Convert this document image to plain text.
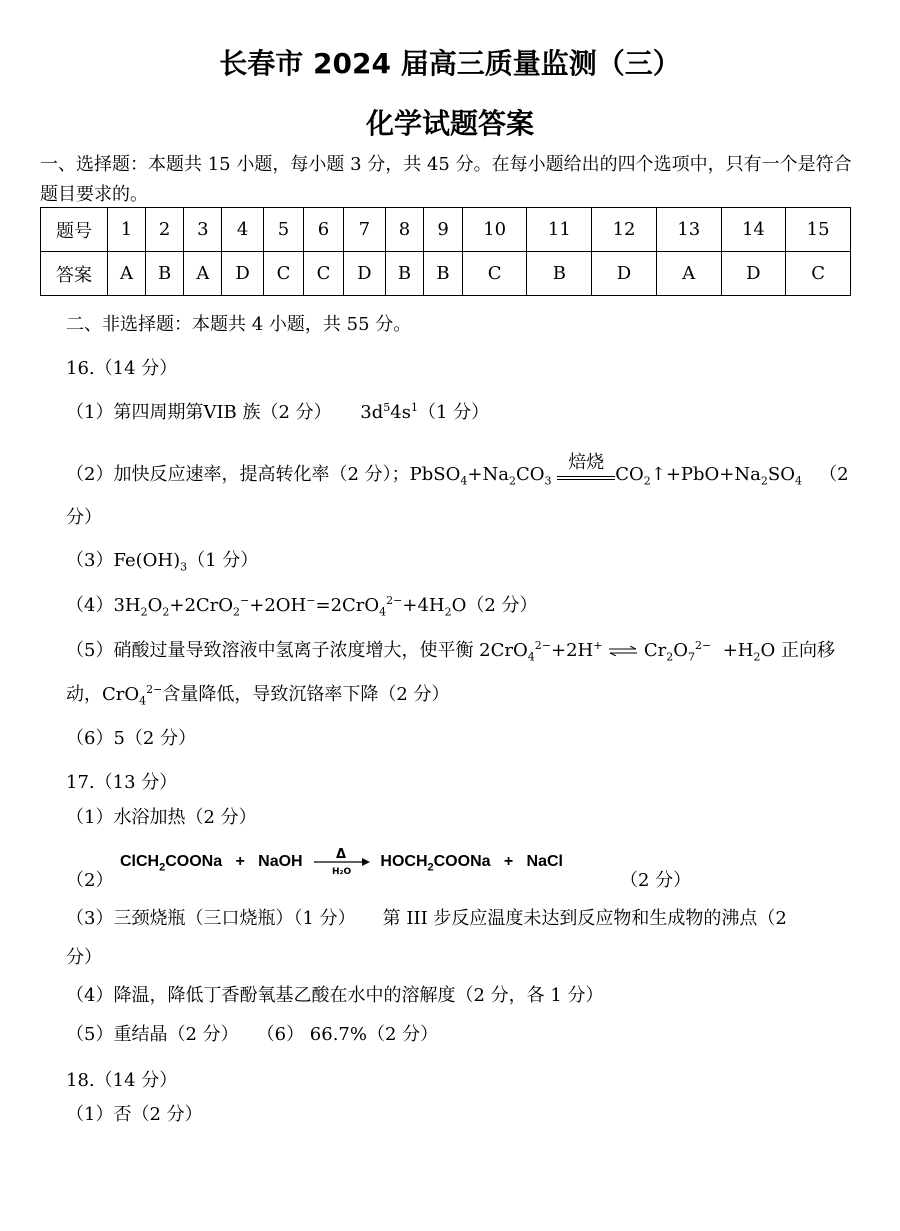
长春市 2024 届高三质量监测（三）
化学试题答案
一、选择题：本题共 15 小题，每小题 3 分，共 45 分。在每小题给出的四个选项中，只有一个是符合题目要求的。
题号	1	2	3	4	5	6	7	8	9	10	11	12	13	14	15
答案	A	B	A	D	C	C	D	B	B	C	B	D	A	D	C
二、非选择题：本题共 4 小题，共 55 分。
16.（14 分）
（1）第四周期第VIB 族（2 分） $3d^54s^1(1$ 分）
（2）加快反应速率，提高转化率（2 分）；$PbSO_4+Na_2CO_3$
焙烧
$CO_2↑+PbO+Na_2SO_4$ （2
分）
$(3)Fe(OH)_3(1$ 分）
$(4)3H_2O_2+2CrO_2^-+2OH^-=2CrO_4^{2-}+4H_2O(2$ 分）
（5）硝酸过量导致溶液中氢离子浓度增大，使平衡 2CrO$_4^{2-}$+2H+ ⇌ $Cr_2O_7^{2-} +H_2O$ 正向移
动，CrO$_4^{2-}$含量降低，导致沉铬率下降（2 分）
（6）5（2 分）
17.（13 分）
（1）水浴加热（2 分）
（2）
ClCH$_2$COONa   +   NaOH	Δ
H₂O
$HOCH_2COONa$   +   NaCl
（2 分）
（3）三颈烧瓶（三口烧瓶）（1 分）　　第 III 步反应温度未达到反应物和生成物的沸点（2
分）
（4）降温，降低丁香酚氧基乙酸在水中的溶解度（2 分，各 1 分）
（5）重结晶（2 分）　　（6） 66.7%（2 分）
18.（14 分）
（1）否（2 分）
